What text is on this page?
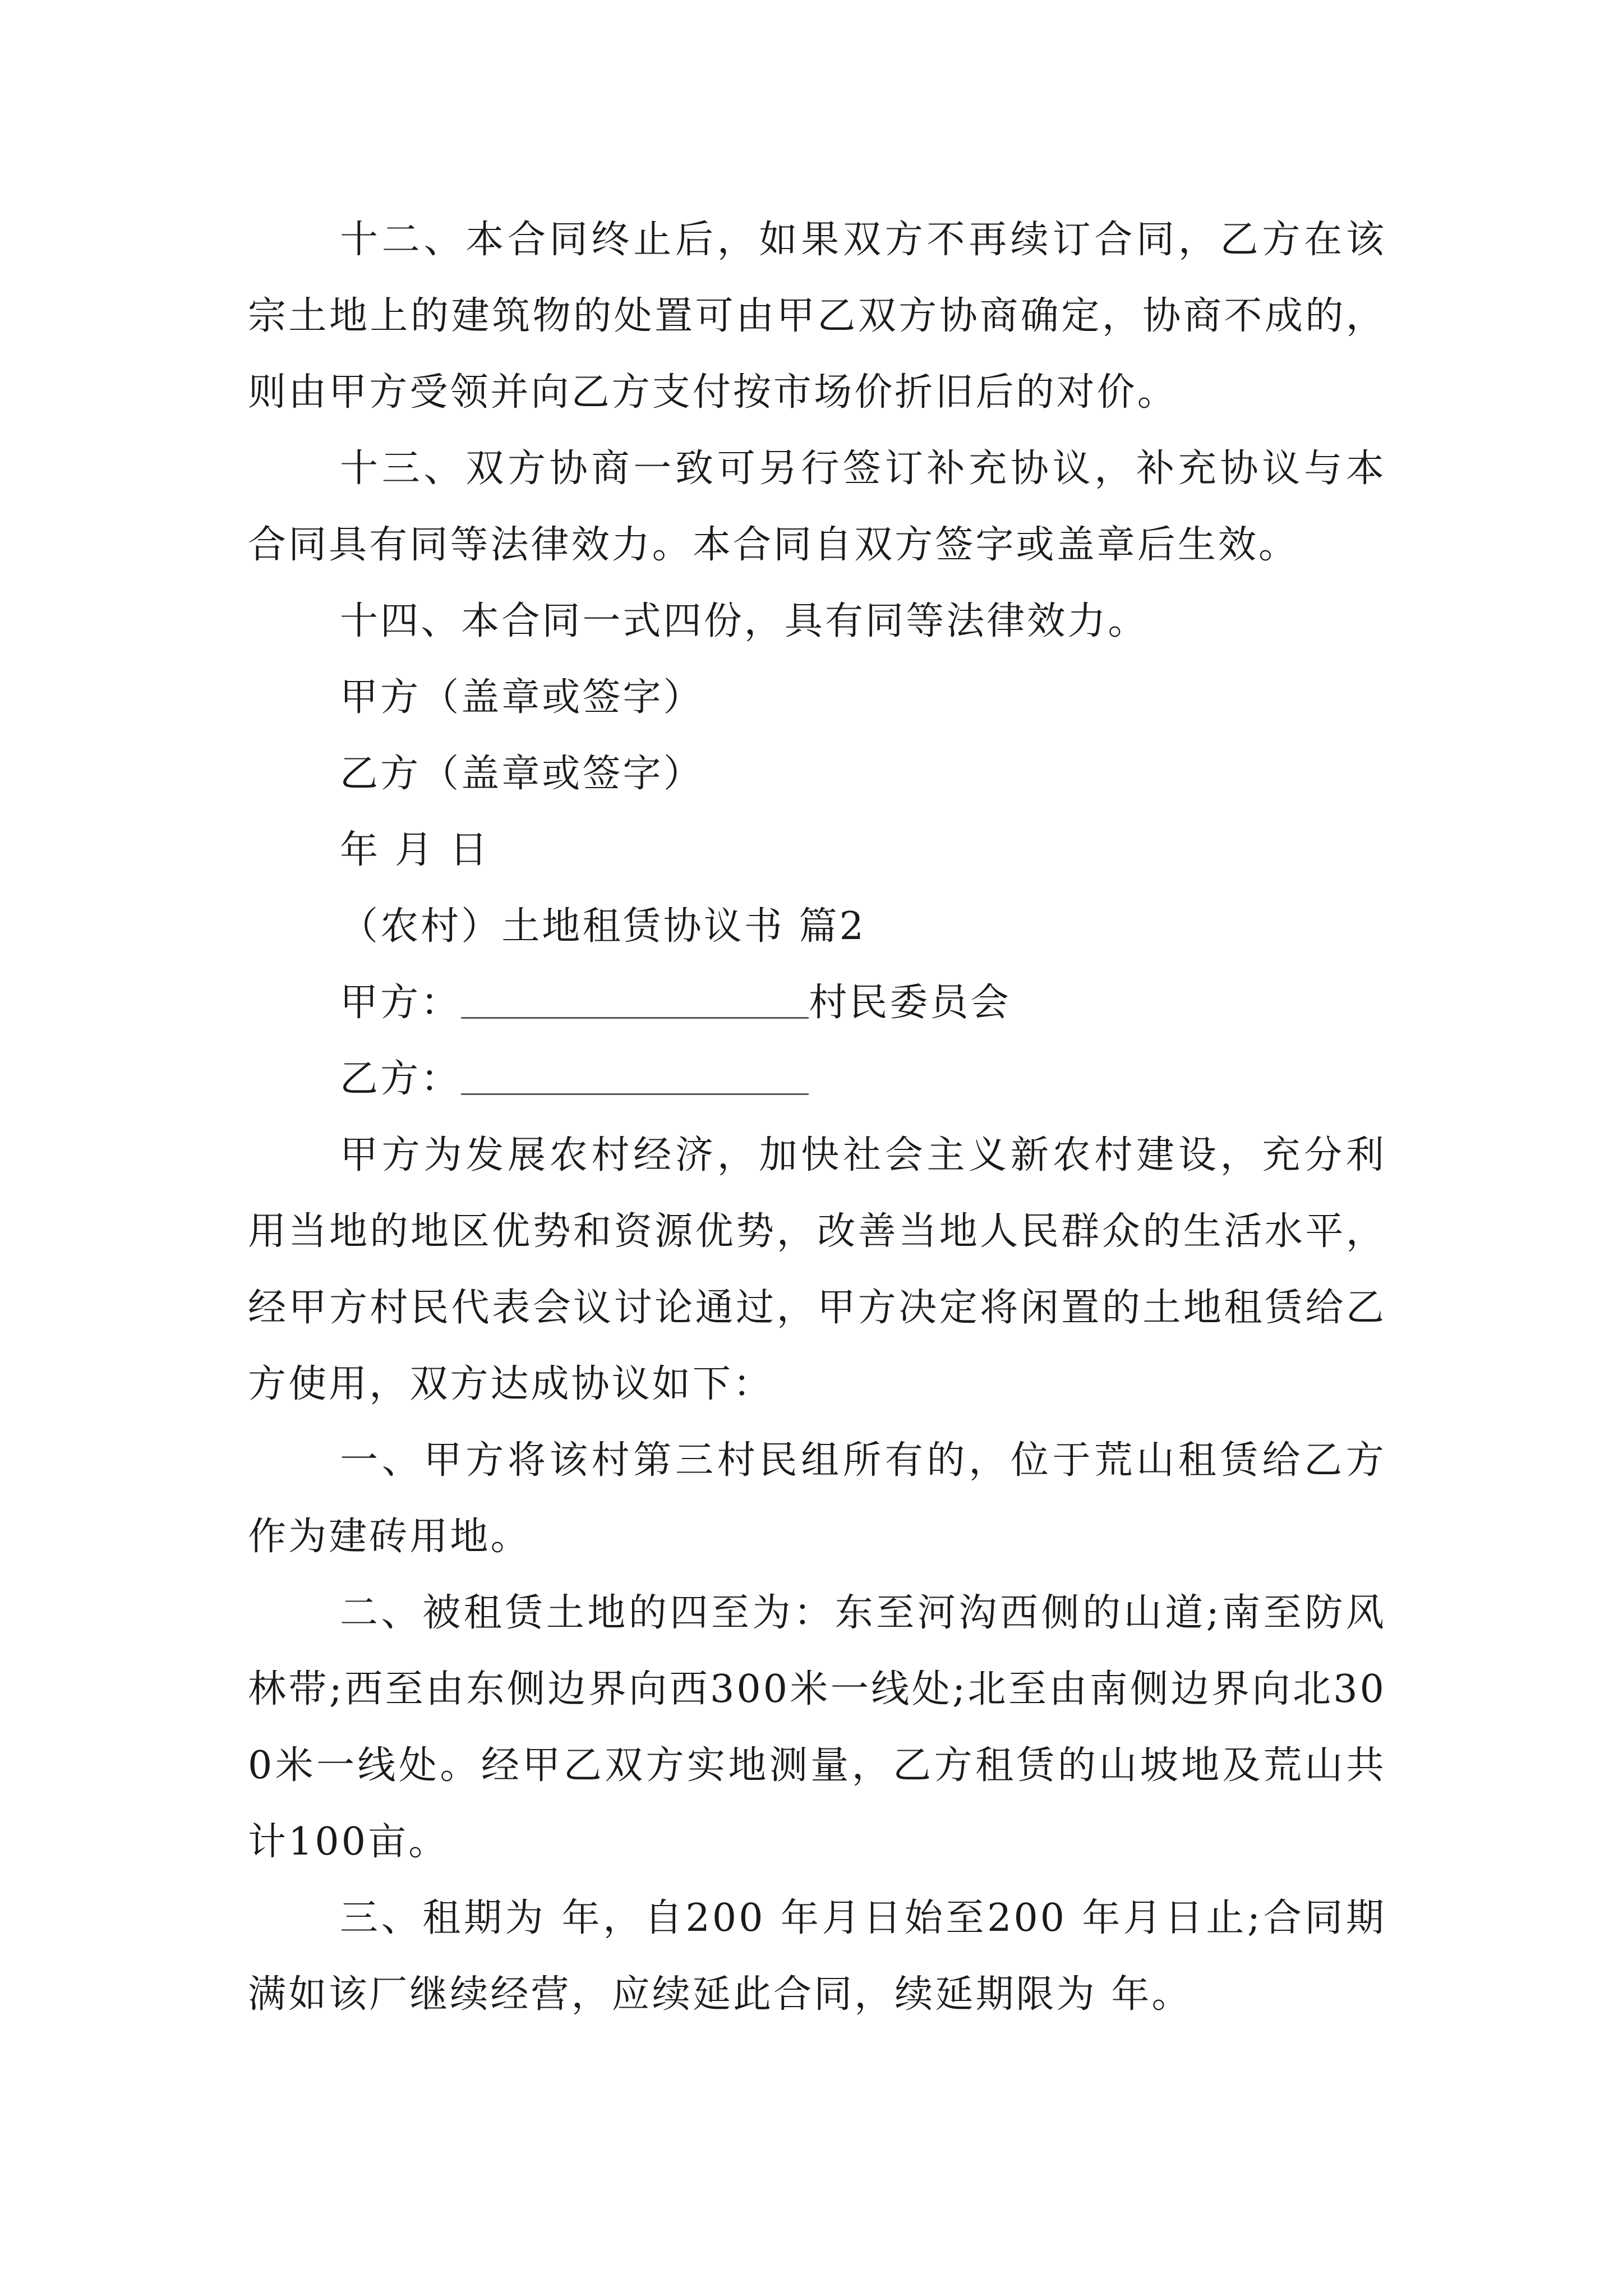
十二、本合同终止后，如果双方不再续订合同，乙方在该宗土地上的建筑物的处置可由甲乙双方协商确定，协商不成的，则由甲方受领并向乙方支付按市场价折旧后的对价。

十三、双方协商一致可另行签订补充协议，补充协议与本合同具有同等法律效力。本合同自双方签字或盖章后生效。

十四、本合同一式四份，具有同等法律效力。

甲方（盖章或签字）
乙方（盖章或签字）
年 月 日
（农村）土地租赁协议书 篇2
甲方：	村民委员会
乙方：

甲方为发展农村经济，加快社会主义新农村建设，充分利用当地的地区优势和资源优势，改善当地人民群众的生活水平，经甲方村民代表会议讨论通过，甲方决定将闲置的土地租赁给乙方使用，双方达成协议如下：

一、甲方将该村第三村民组所有的，位于荒山租赁给乙方作为建砖用地。

二、被租赁土地的四至为：东至河沟西侧的山道;南至防风林带;西至由东侧边界向西300米一线处;北至由南侧边界向北300米一线处。经甲乙双方实地测量，乙方租赁的山坡地及荒山共计100亩。

三、租期为 年，自200 年月日始至200 年月日止;合同期满如该厂继续经营，应续延此合同，续延期限为 年。
